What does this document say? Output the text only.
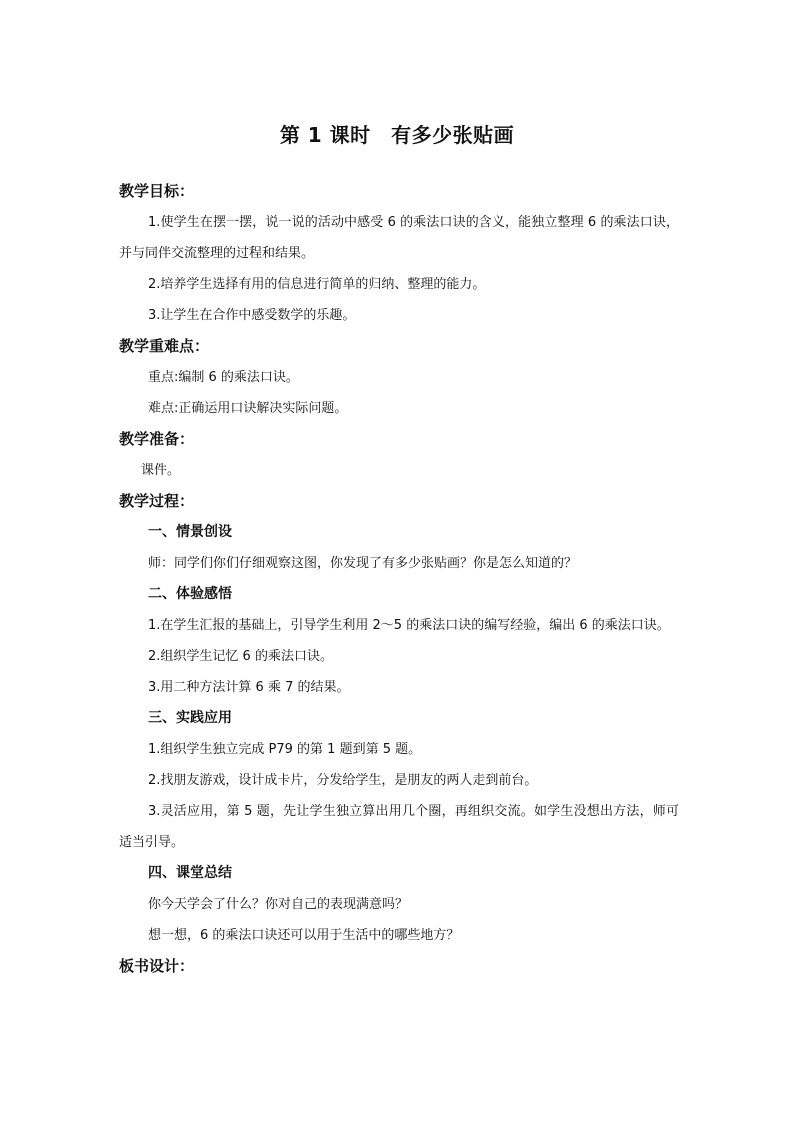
第 1 课时　有多少张贴画

教学目标：

1.使学生在摆一摆，说一说的活动中感受 6 的乘法口诀的含义，能独立整理 6 的乘法口诀，并与同伴交流整理的过程和结果。

2.培养学生选择有用的信息进行简单的归纳、整理的能力。

3.让学生在合作中感受数学的乐趣。

教学重难点：

重点:编制 6 的乘法口诀。

难点:正确运用口诀解决实际问题。

教学准备：

课件。

教学过程：

一、情景创设

师：同学们你们仔细观察这图，你发现了有多少张贴画？你是怎么知道的？

二、体验感悟

1.在学生汇报的基础上，引导学生利用 2～5 的乘法口诀的编写经验，编出 6 的乘法口诀。

2.组织学生记忆 6 的乘法口诀。

3.用二种方法计算 6 乘 7 的结果。

三、实践应用

1.组织学生独立完成 P79 的第 1 题到第 5 题。

2.找朋友游戏，设计成卡片，分发给学生，是朋友的两人走到前台。

3.灵活应用，第 5 题，先让学生独立算出用几个圈，再组织交流。如学生没想出方法，师可适当引导。

四、课堂总结

你今天学会了什么？你对自己的表现满意吗？

想一想，6 的乘法口诀还可以用于生活中的哪些地方？

板书设计：
